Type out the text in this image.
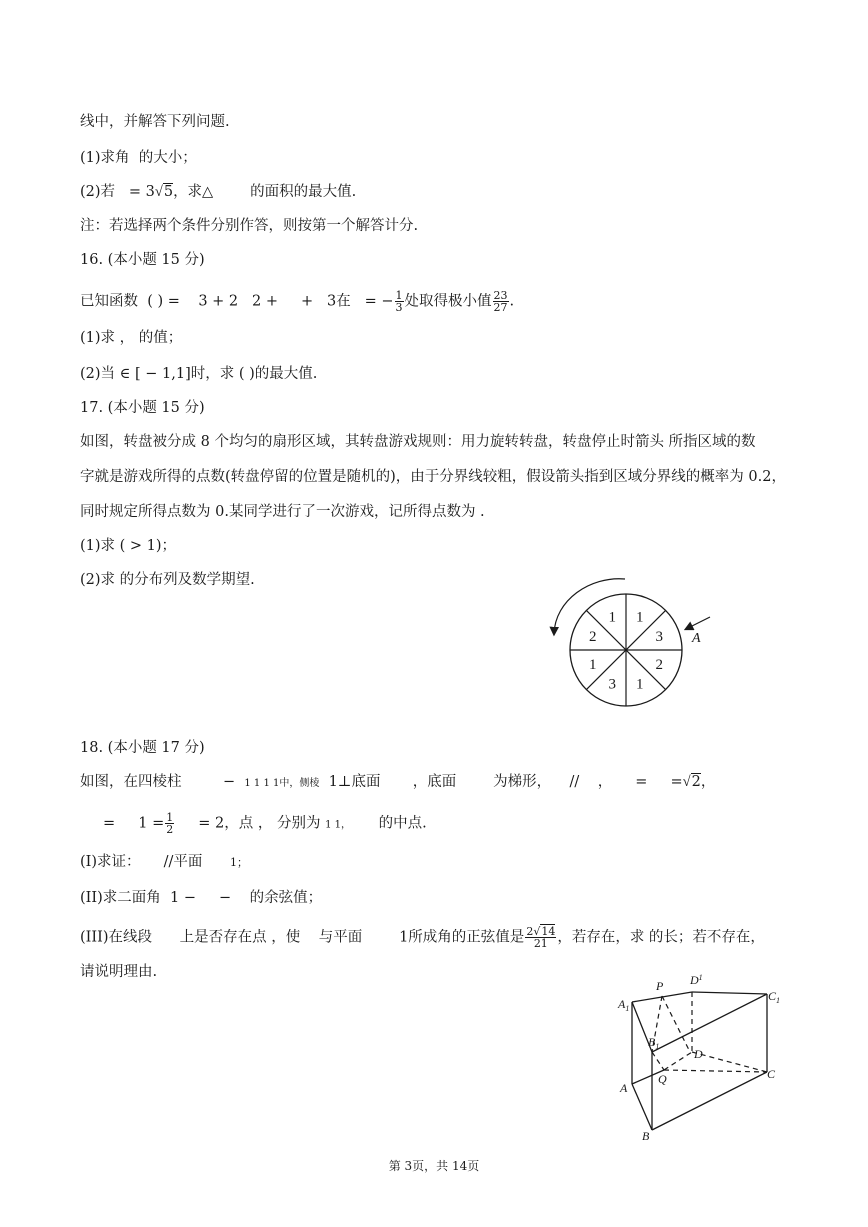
线中，并解答下列问题.
(1)求角 的大小；
(2)若 = 3√5，求△	的面积的最大值.
注：若选择两个条件分别作答，则按第一个解答计分.
16. (本小题 15 分)
已知函数 ( ) = 3 + 2 2 + + 3在 = − $\frac{1}{3}$ 处取得极小值 $\frac{23}{27}$ .
(1)求 ， 的值；
(2)当 ∈ [ − 1,1]时，求 ( )的最大值.
17. (本小题 15 分)
如图，转盘被分成 8 个均匀的扇形区域，其转盘游戏规则：用力旋转转盘，转盘停止时箭头 所指区域的数
字就是游戏所得的点数(转盘停留的位置是随机的)，由于分界线较粗，假设箭头指到区域分界线的概率为 0.2，
同时规定所得点数为 0.某同学进行了一次游戏，记所得点数为 .
(1)求 ( > 1)；
(2)求 的分布列及数学期望.
1 1
3
2
1
3
1
2	A
18. (本小题 17 分)
如图，在四棱柱	− 1 1 1 1中，侧棱 1⊥底面 ，底面	为梯形， // ， = =√2，
= $1 = \frac{1}{2} = 2$，点 ， 分别为 1 1， 的中点.
(I)求证： //平面	1；
(II)求二面角 1 − − 的余弦值；
(III)在线段 上是否存在点 ，使 与平面	1所成角的正弦值是 $\frac{2√14}{21}$ ，若存在，求 的长；若不存在，
请说明理由.
$A_1$
P $D^1$
$C_1$
$B_1$
D
Q
A
C
B
第 3页，共 14页
